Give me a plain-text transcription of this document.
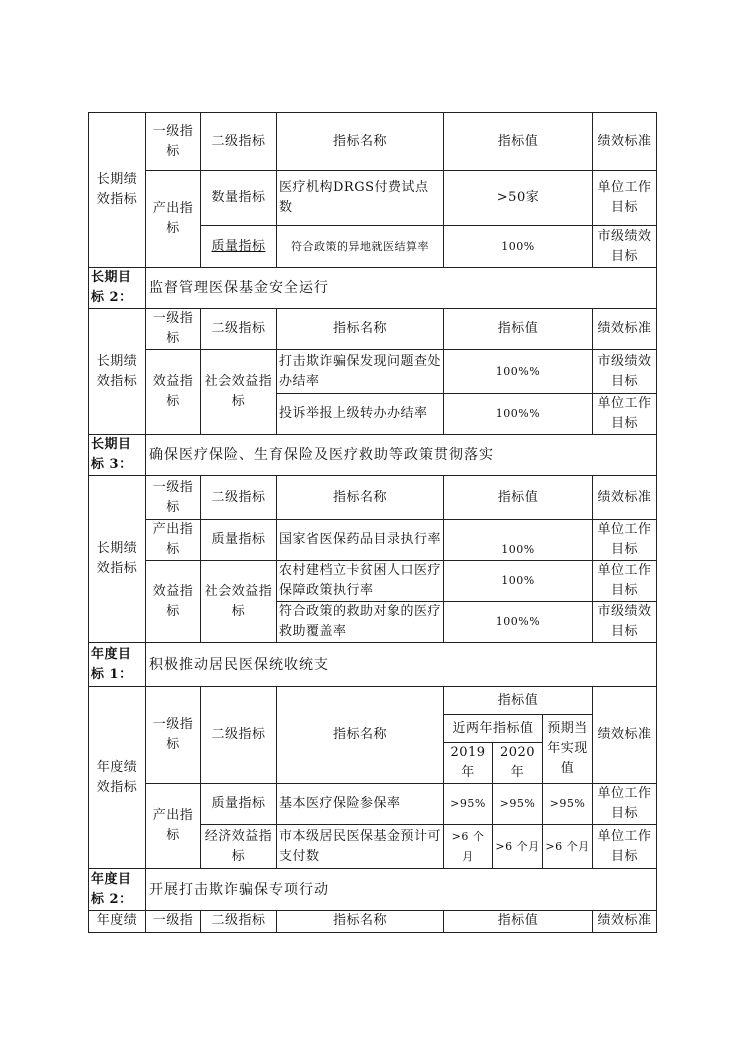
长期绩效指标	一级指标	二级指标	指标名称	指标值			绩效标准
	产出指标	数量指标	医疗机构DRGS付费试点数	>50家			单位工作目标
		质量指标	符合政策的异地就医结算率	100%			市级绩效目标
长期目标 2：	监督管理医保基金安全运行						
长期绩效指标	一级指标	二级指标	指标名称	指标值			绩效标准
	效益指标	社会效益指标	打击欺诈骗保发现问题查处办结率	100%%			市级绩效目标
			投诉举报上级转办办结率	100%%			单位工作目标
长期目标 3：	确保医疗保险、生育保险及医疗救助等政策贯彻落实						
长期绩效指标	一级指标	二级指标	指标名称	指标值			绩效标准
	产出指标	质量指标	国家省医保药品目录执行率	100%			单位工作目标
	效益指标	社会效益指标	农村建档立卡贫困人口医疗保障政策执行率	100%			单位工作目标
			符合政策的救助对象的医疗救助覆盖率	100%%			市级绩效目标
年度目标 1：	积极推动居民医保统收统支						
年度绩效指标	一级指标	二级指标	指标名称	指标值			绩效标准
				近两年指标值		预期当年实现值	
				2019 年	2020 年		
	产出指标	质量指标	基本医疗保险参保率	>95%	>95%	>95%	单位工作目标
		经济效益指标	市本级居民医保基金预计可支付数	>6 个月	>6 个月	>6 个月	单位工作目标
年度目标 2：	开展打击欺诈骗保专项行动						
年度绩	一级指	二级指标	指标名称	指标值			绩效标准
